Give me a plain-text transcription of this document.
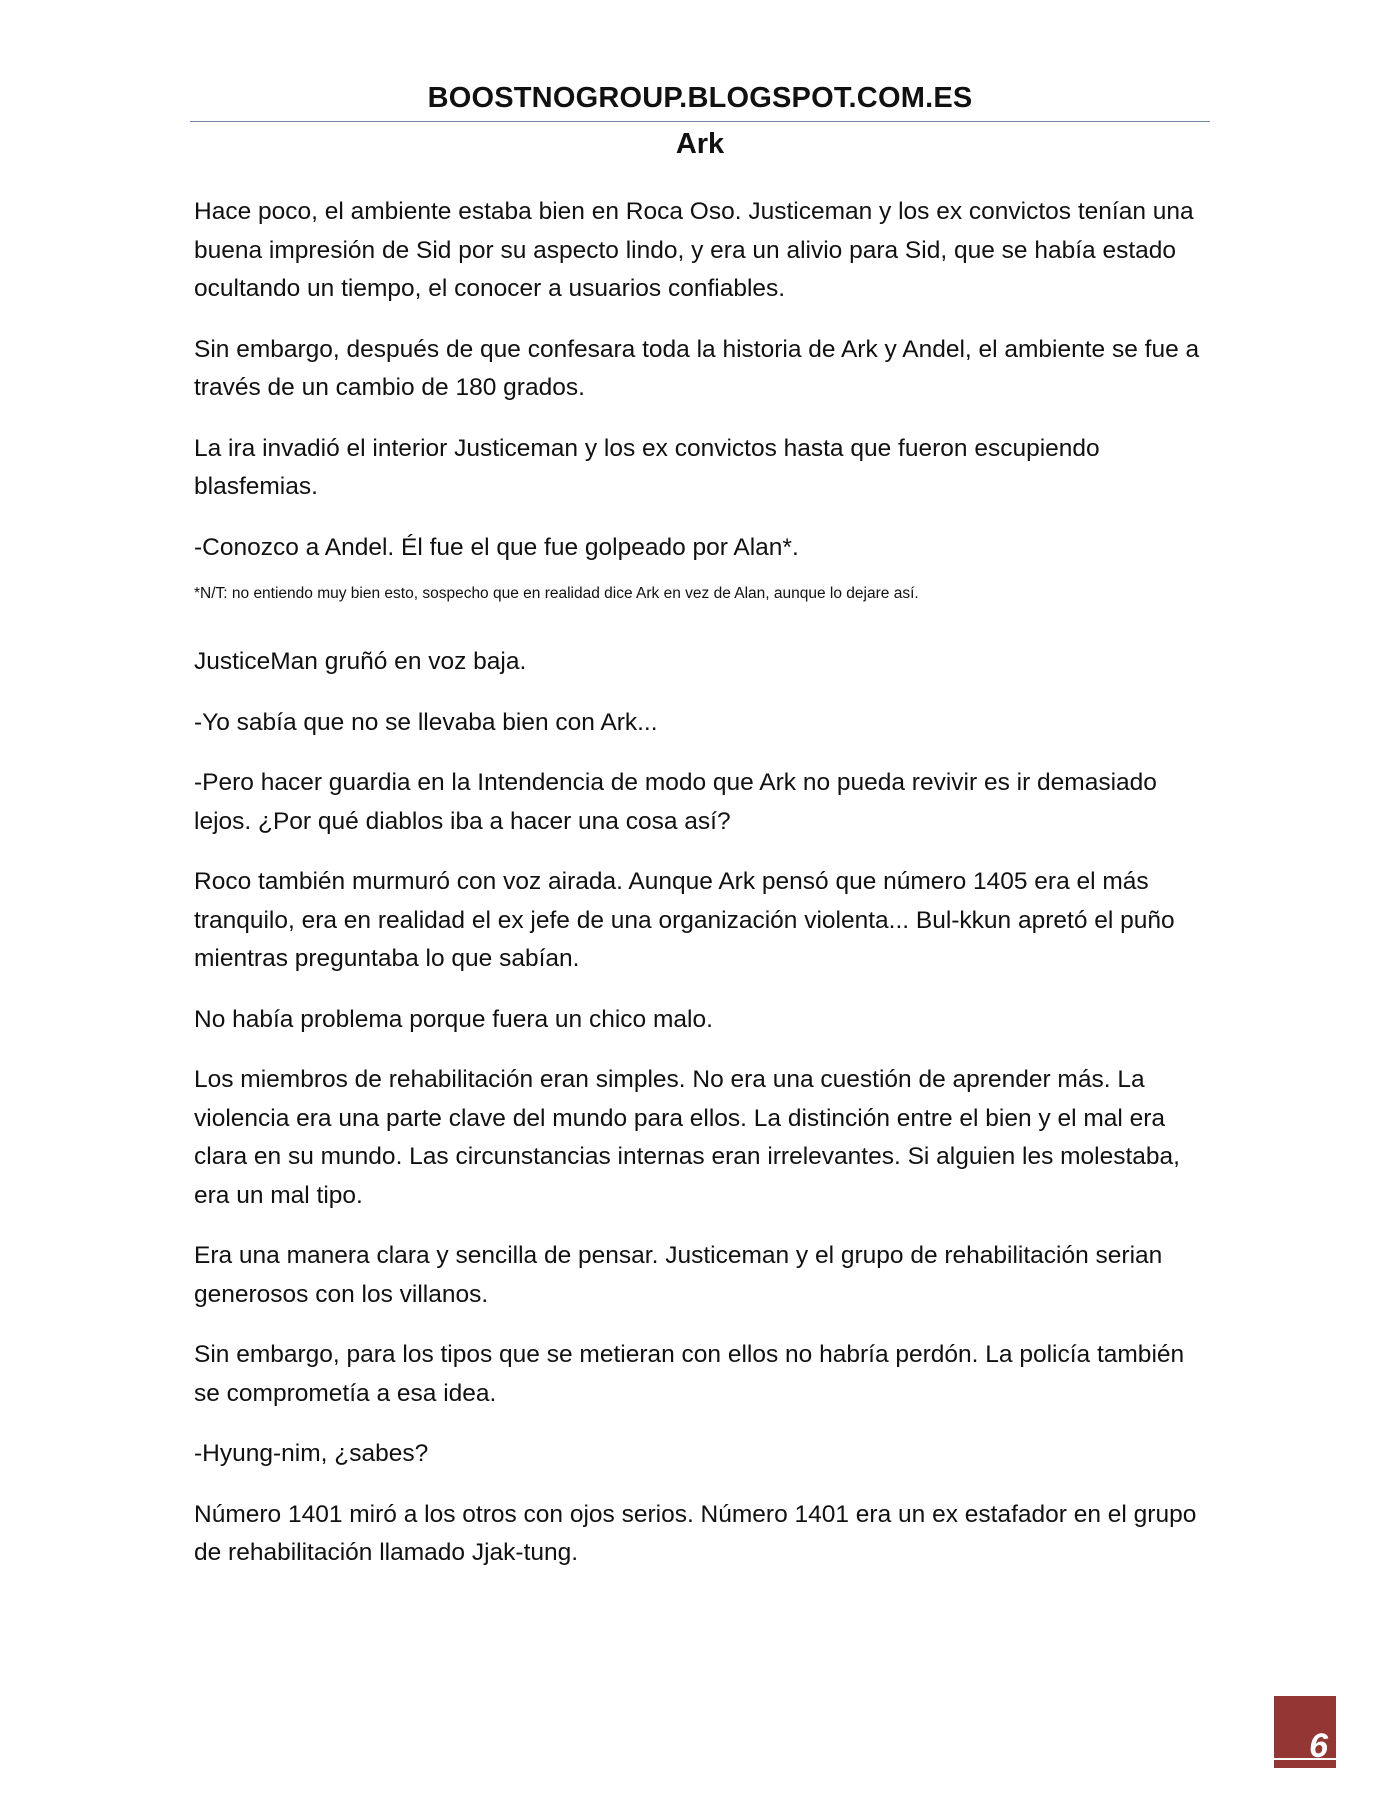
BOOSTNOGROUP.BLOGSPOT.COM.ES
Ark

Hace poco, el ambiente estaba bien en Roca Oso. Justiceman y los ex convictos tenían una buena impresión de Sid por su aspecto lindo, y era un alivio para Sid, que se había estado ocultando un tiempo, el conocer a usuarios confiables.

Sin embargo, después de que confesara toda la historia de Ark y Andel, el ambiente se fue a través de un cambio de 180 grados.

La ira invadió el interior Justiceman y los ex convictos hasta que fueron escupiendo blasfemias.

-Conozco a Andel. Él fue el que fue golpeado por Alan*.

*N/T: no entiendo muy bien esto, sospecho que en realidad dice Ark en vez de Alan, aunque lo dejare así.

JusticeMan gruñó en voz baja.

-Yo sabía que no se llevaba bien con Ark...

-Pero hacer guardia en la Intendencia de modo que Ark no pueda revivir es ir demasiado lejos. ¿Por qué diablos iba a hacer una cosa así?

Roco también murmuró con voz airada. Aunque Ark pensó que número 1405 era el más tranquilo, era en realidad el ex jefe de una organización violenta... Bul-kkun apretó el puño mientras preguntaba lo que sabían.

No había problema porque fuera un chico malo.

Los miembros de rehabilitación eran simples. No era una cuestión de aprender más. La violencia era una parte clave del mundo para ellos. La distinción entre el bien y el mal era clara en su mundo. Las circunstancias internas eran irrelevantes. Si alguien les molestaba, era un mal tipo.

Era una manera clara y sencilla de pensar. Justiceman y el grupo de rehabilitación serian generosos con los villanos.

Sin embargo, para los tipos que se metieran con ellos no habría perdón. La policía también se comprometía a esa idea.

-Hyung-nim, ¿sabes?

Número 1401 miró a los otros con ojos serios. Número 1401 era un ex estafador en el grupo de rehabilitación llamado Jjak-tung.

6
